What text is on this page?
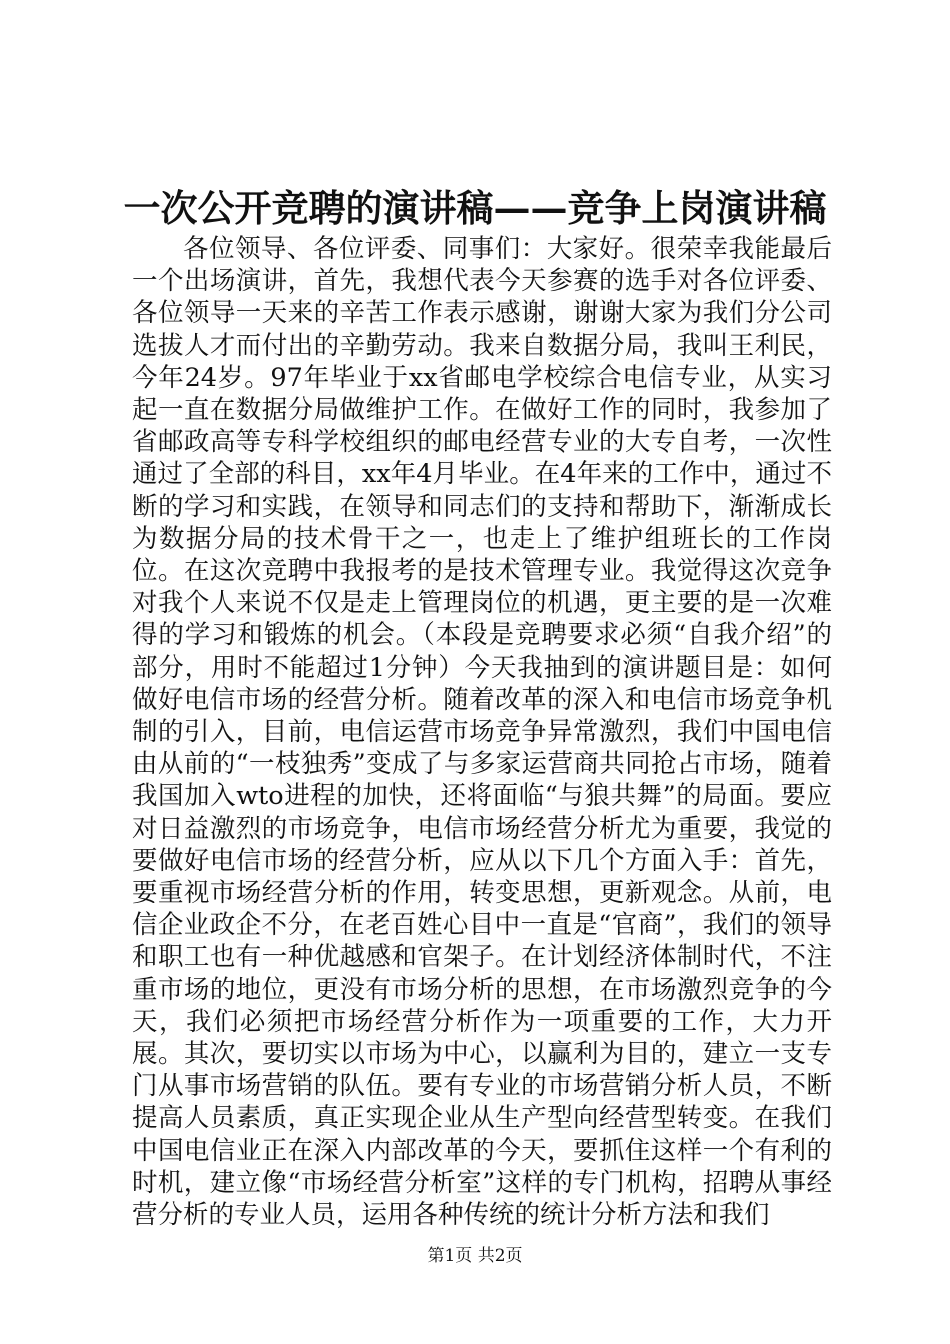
一次公开竞聘的演讲稿——竞争上岗演讲稿

各位领导、各位评委、同事们：大家好。很荣幸我能最后一个出场演讲，首先，我想代表今天参赛的选手对各位评委、各位领导一天来的辛苦工作表示感谢，谢谢大家为我们分公司选拔人才而付出的辛勤劳动。我来自数据分局，我叫王利民，今年24岁。97年毕业于xx省邮电学校综合电信专业，从实习起一直在数据分局做维护工作。在做好工作的同时，我参加了省邮政高等专科学校组织的邮电经营专业的大专自考，一次性通过了全部的科目，xx年4月毕业。在4年来的工作中，通过不断的学习和实践，在领导和同志们的支持和帮助下，渐渐成长为数据分局的技术骨干之一，也走上了维护组班长的工作岗位。在这次竞聘中我报考的是技术管理专业。我觉得这次竞争对我个人来说不仅是走上管理岗位的机遇，更主要的是一次难得的学习和锻炼的机会。（本段是竞聘要求必须“自我介绍”的部分，用时不能超过1分钟）今天我抽到的演讲题目是：如何做好电信市场的经营分析。随着改革的深入和电信市场竞争机制的引入，目前，电信运营市场竞争异常激烈，我们中国电信由从前的“一枝独秀”变成了与多家运营商共同抢占市场，随着我国加入wto进程的加快，还将面临“与狼共舞”的局面。要应对日益激烈的市场竞争，电信市场经营分析尤为重要，我觉的要做好电信市场的经营分析，应从以下几个方面入手：首先，要重视市场经营分析的作用，转变思想，更新观念。从前，电信企业政企不分，在老百姓心目中一直是“官商”，我们的领导和职工也有一种优越感和官架子。在计划经济体制时代，不注重市场的地位，更没有市场分析的思想，在市场激烈竞争的今天，我们必须把市场经营分析作为一项重要的工作，大力开展。其次，要切实以市场为中心，以赢利为目的，建立一支专门从事市场营销的队伍。要有专业的市场营销分析人员，不断提高人员素质，真正实现企业从生产型向经营型转变。在我们中国电信业正在深入内部改革的今天，要抓住这样一个有利的时机，建立像“市场经营分析室”这样的专门机构，招聘从事经营分析的专业人员，运用各种传统的统计分析方法和我们

第1页 共2页
